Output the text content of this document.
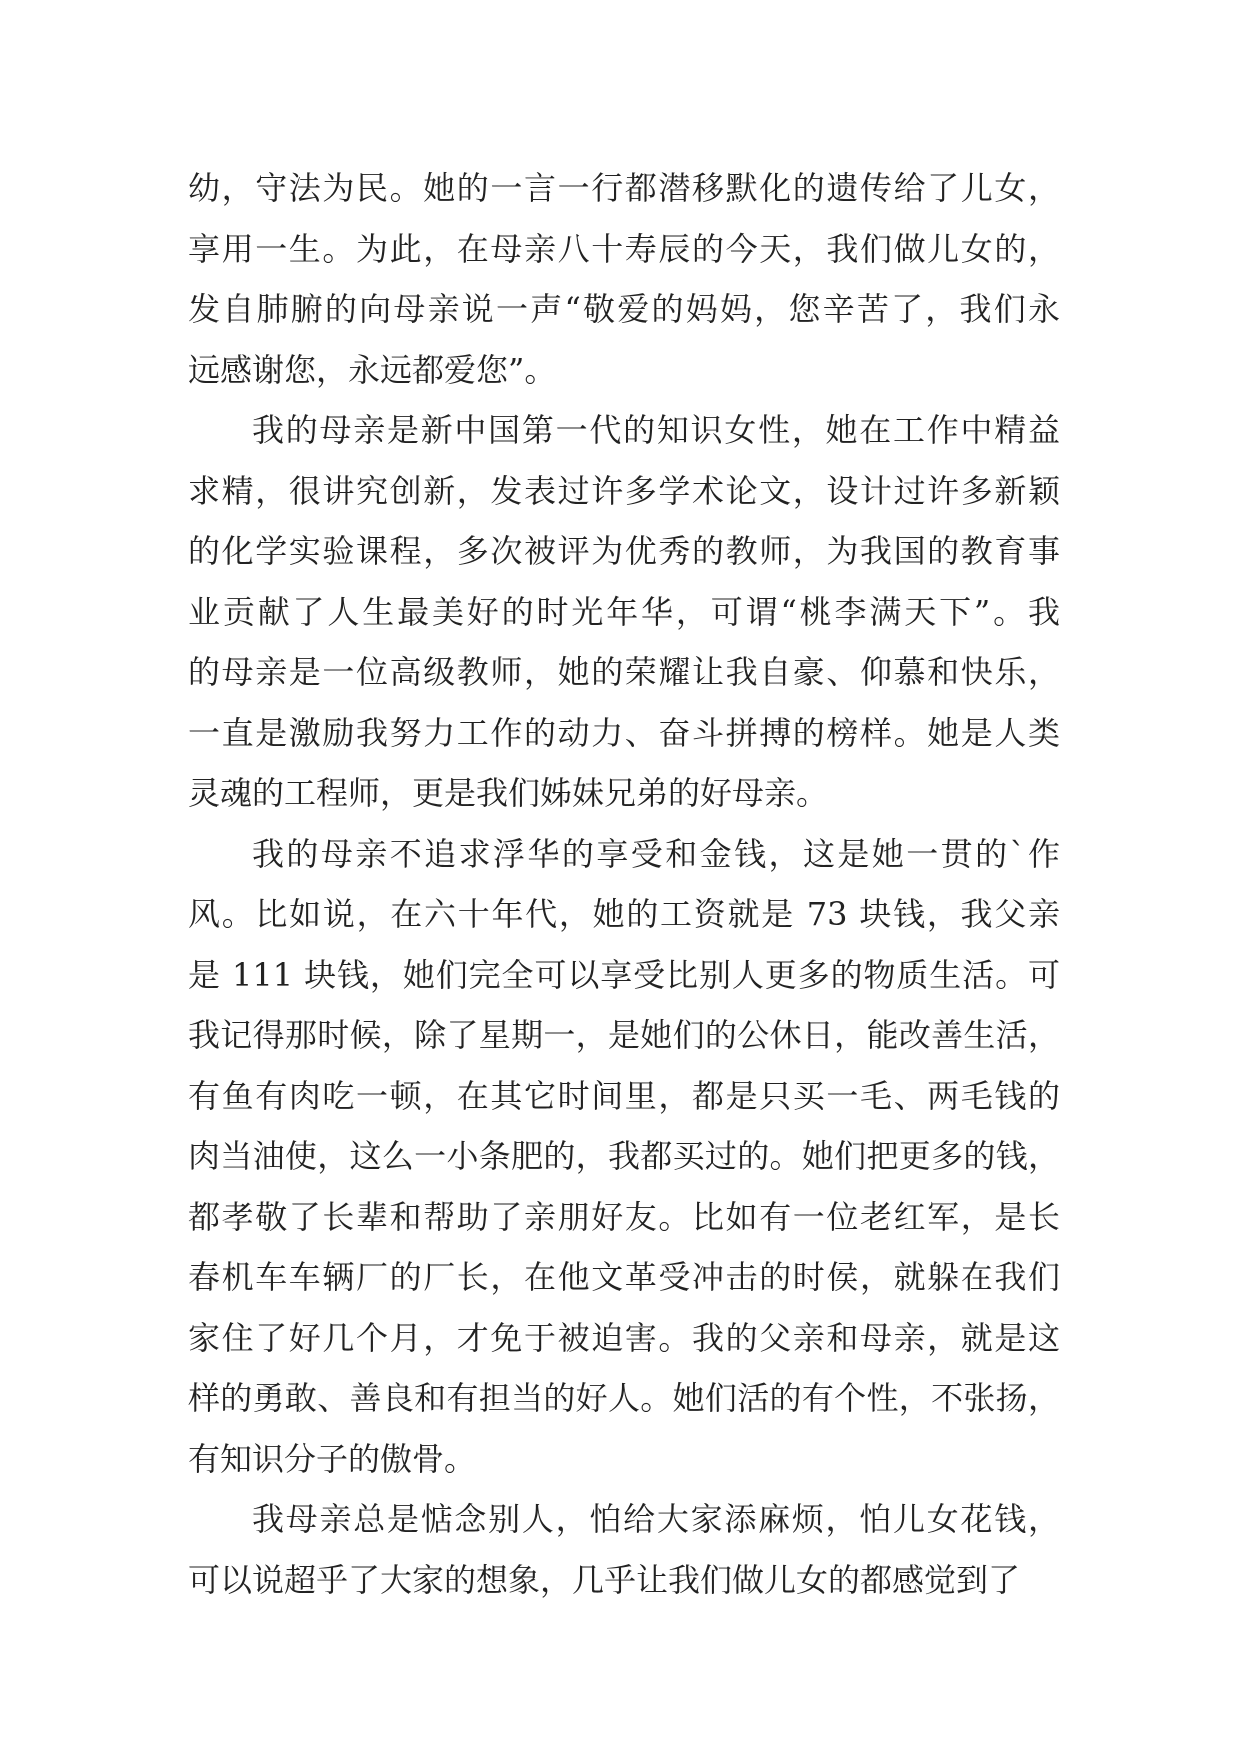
幼，守法为民。她的一言一行都潜移默化的遗传给了儿女，
享用一生。为此，在母亲八十寿辰的今天，我们做儿女的，
发自肺腑的向母亲说一声“敬爱的妈妈，您辛苦了，我们永
远感谢您，永远都爱您”。
我的母亲是新中国第一代的知识女性，她在工作中精益
求精，很讲究创新，发表过许多学术论文，设计过许多新颖
的化学实验课程，多次被评为优秀的教师，为我国的教育事
业贡献了人生最美好的时光年华，可谓“桃李满天下”。我
的母亲是一位高级教师，她的荣耀让我自豪、仰慕和快乐，
一直是激励我努力工作的动力、奋斗拼搏的榜样。她是人类
灵魂的工程师，更是我们姊妹兄弟的好母亲。
我的母亲不追求浮华的享受和金钱，这是她一贯的`作
风。比如说，在六十年代，她的工资就是 73 块钱，我父亲
是 111 块钱，她们完全可以享受比别人更多的物质生活。可
我记得那时候，除了星期一，是她们的公休日，能改善生活，
有鱼有肉吃一顿，在其它时间里，都是只买一毛、两毛钱的
肉当油使，这么一小条肥的，我都买过的。她们把更多的钱，
都孝敬了长辈和帮助了亲朋好友。比如有一位老红军，是长
春机车车辆厂的厂长，在他文革受冲击的时侯，就躲在我们
家住了好几个月，才免于被迫害。我的父亲和母亲，就是这
样的勇敢、善良和有担当的好人。她们活的有个性，不张扬，
有知识分子的傲骨。
我母亲总是惦念别人，怕给大家添麻烦，怕儿女花钱，
可以说超乎了大家的想象，几乎让我们做儿女的都感觉到了
